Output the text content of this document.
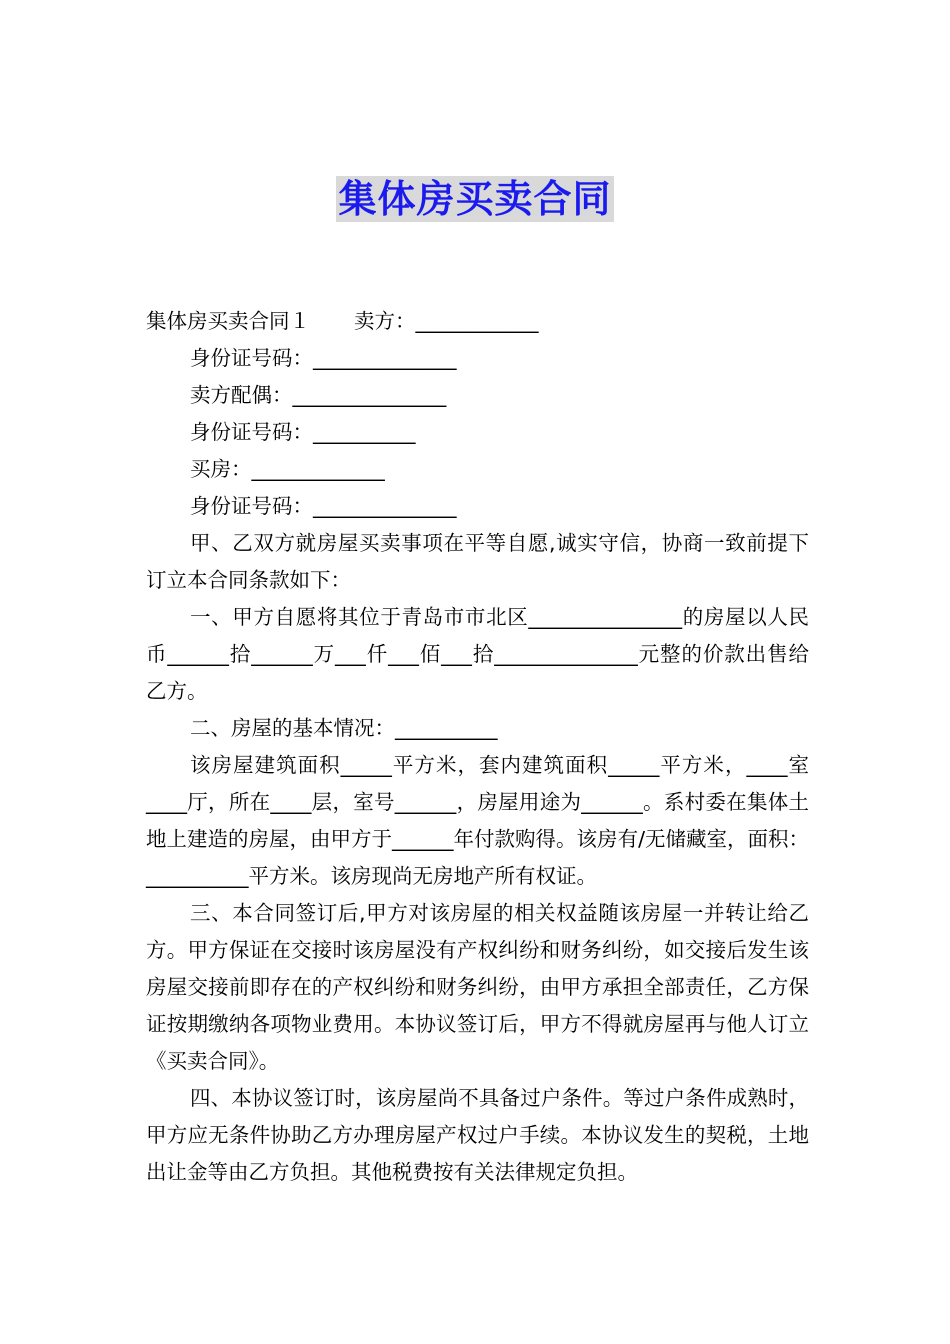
集体房买卖合同
集体房买卖合同１ 卖方：____________
身份证号码：______________
卖方配偶：_______________
身份证号码：__________
买房：_____________
身份证号码：______________
甲、乙双方就房屋买卖事项在平等自愿,诚实守信，协商一致前提下订立本合同条款如下：
一、甲方自愿将其位于青岛市市北区_______________的房屋以人民币______拾______万___仟___佰___拾______________元整的价款出售给乙方。
二、房屋的基本情况：__________
该房屋建筑面积_____平方米，套内建筑面积_____平方米，____室____厅，所在____层，室号______，房屋用途为______。系村委在集体土地上建造的房屋，由甲方于______年付款购得。该房有/无储藏室，面积：__________平方米。该房现尚无房地产所有权证。
三、本合同签订后,甲方对该房屋的相关权益随该房屋一并转让给乙方。甲方保证在交接时该房屋没有产权纠纷和财务纠纷，如交接后发生该房屋交接前即存在的产权纠纷和财务纠纷，由甲方承担全部责任，乙方保证按期缴纳各项物业费用。本协议签订后，甲方不得就房屋再与他人订立《买卖合同》。
四、本协议签订时，该房屋尚不具备过户条件。等过户条件成熟时，甲方应无条件协助乙方办理房屋产权过户手续。本协议发生的契税，土地出让金等由乙方负担。其他税费按有关法律规定负担。
